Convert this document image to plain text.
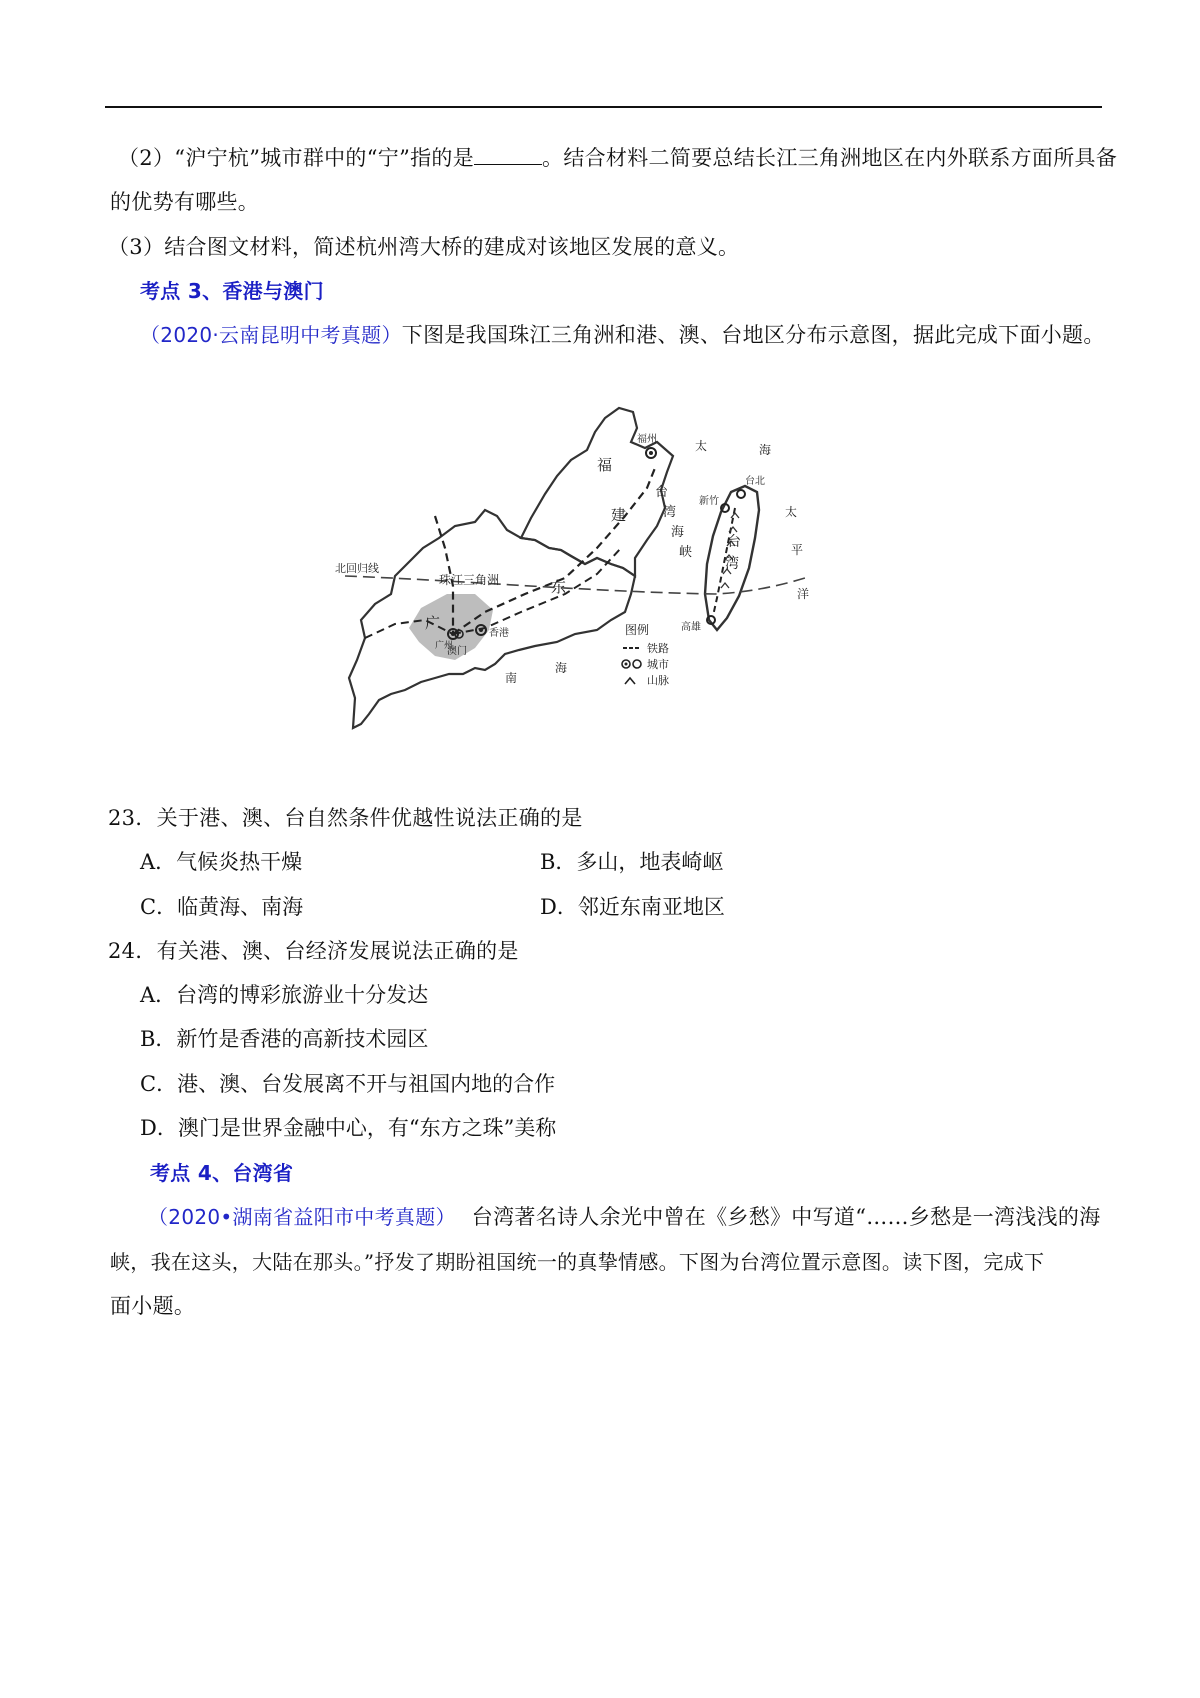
（2）“沪宁杭”城市群中的“宁”指的是	。结合材料二简要总结长江三角洲地区在内外联系方面所具备
的优势有哪些。
（3）结合图文材料，简述杭州湾大桥的建成对该地区发展的意义。
考点 3、香港与澳门
（2020·云南昆明中考真题）下图是我国珠江三角洲和港、澳、台地区分布示意图，据此完成下面小题。
福
建
福州
台
湾
海
峡
台北
新竹
台
湾
高雄
北回归线
珠江三角洲	东
广
广州
香港
澳门
南
海
太	海
太
平
洋
图例
铁路
城市
山脉
23．关于港、澳、台自然条件优越性说法正确的是
A．气候炎热干燥	B．多山，地表崎岖
C．临黄海、南海	D．邻近东南亚地区
24．有关港、澳、台经济发展说法正确的是
A．台湾的博彩旅游业十分发达
B．新竹是香港的高新技术园区
C．港、澳、台发展离不开与祖国内地的合作
D．澳门是世界金融中心，有“东方之珠”美称
考点 4、台湾省
（2020•湖南省益阳市中考真题） 台湾著名诗人余光中曾在《乡愁》中写道“……乡愁是一湾浅浅的海
峡，我在这头，大陆在那头。”抒发了期盼祖国统一的真挚情感。下图为台湾位置示意图。读下图，完成下
面小题。
